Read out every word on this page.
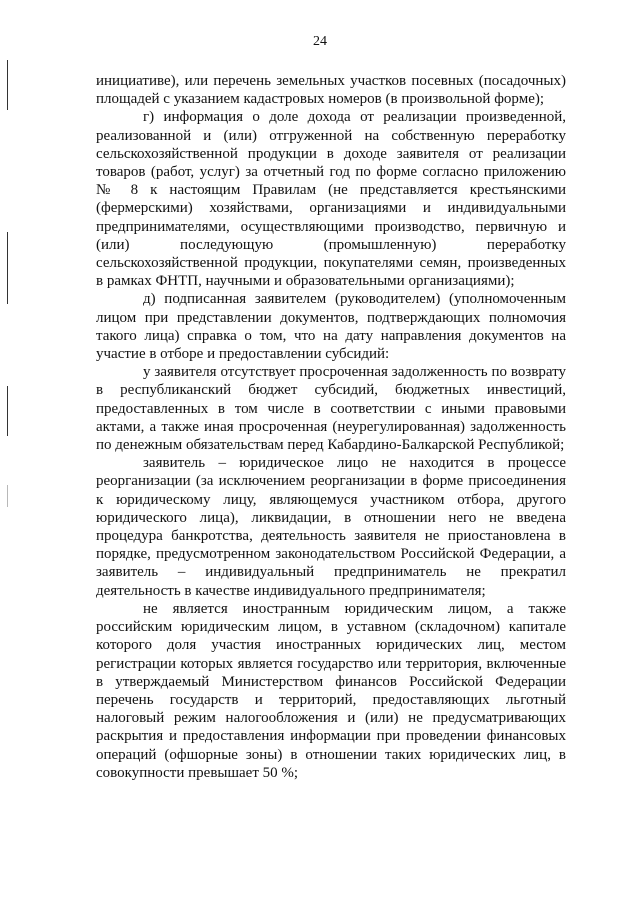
24

инициативе), или перечень земельных участков посевных (посадочных) площадей с указанием кадастровых номеров (в произвольной форме);

г) информация о доле дохода от реализации произведенной, реализованной и (или) отгруженной на собственную переработку сельскохозяйственной продукции в доходе заявителя от реализации товаров (работ, услуг) за отчетный год по форме согласно приложению № 8 к настоящим Правилам (не представляется крестьянскими (фермерскими) хозяйствами, организациями и индивидуальными предпринимателями, осуществляющими производство, первичную и (или) последующую (промышленную) переработку сельскохозяйственной продукции, покупателями семян, произведенных в рамках ФНТП, научными и образовательными организациями);

д) подписанная заявителем (руководителем) (уполномоченным лицом при представлении документов, подтверждающих полномочия такого лица) справка о том, что на дату направления документов на участие в отборе и предоставлении субсидий:

у заявителя отсутствует просроченная задолженность по возврату в республиканский бюджет субсидий, бюджетных инвестиций, предоставленных в том числе в соответствии с иными правовыми актами, а также иная просроченная (неурегулированная) задолженность по денежным обязательствам перед Кабардино-Балкарской Республикой;

заявитель – юридическое лицо не находится в процессе реорганизации (за исключением реорганизации в форме присоединения к юридическому лицу, являющемуся участником отбора, другого юридического лица), ликвидации, в отношении него не введена процедура банкротства, деятельность заявителя не приостановлена в порядке, предусмотренном законодательством Российской Федерации, а заявитель – индивидуальный предприниматель не прекратил деятельность в качестве индивидуального предпринимателя;

не является иностранным юридическим лицом, а также российским юридическим лицом, в уставном (складочном) капитале которого доля участия иностранных юридических лиц, местом регистрации которых является государство или территория, включенные в утверждаемый Министерством финансов Российской Федерации перечень государств и территорий, предоставляющих льготный налоговый режим налогообложения и (или) не предусматривающих раскрытия и предоставления информации при проведении финансовых операций (офшорные зоны) в отношении таких юридических лиц, в совокупности превышает 50 %;
